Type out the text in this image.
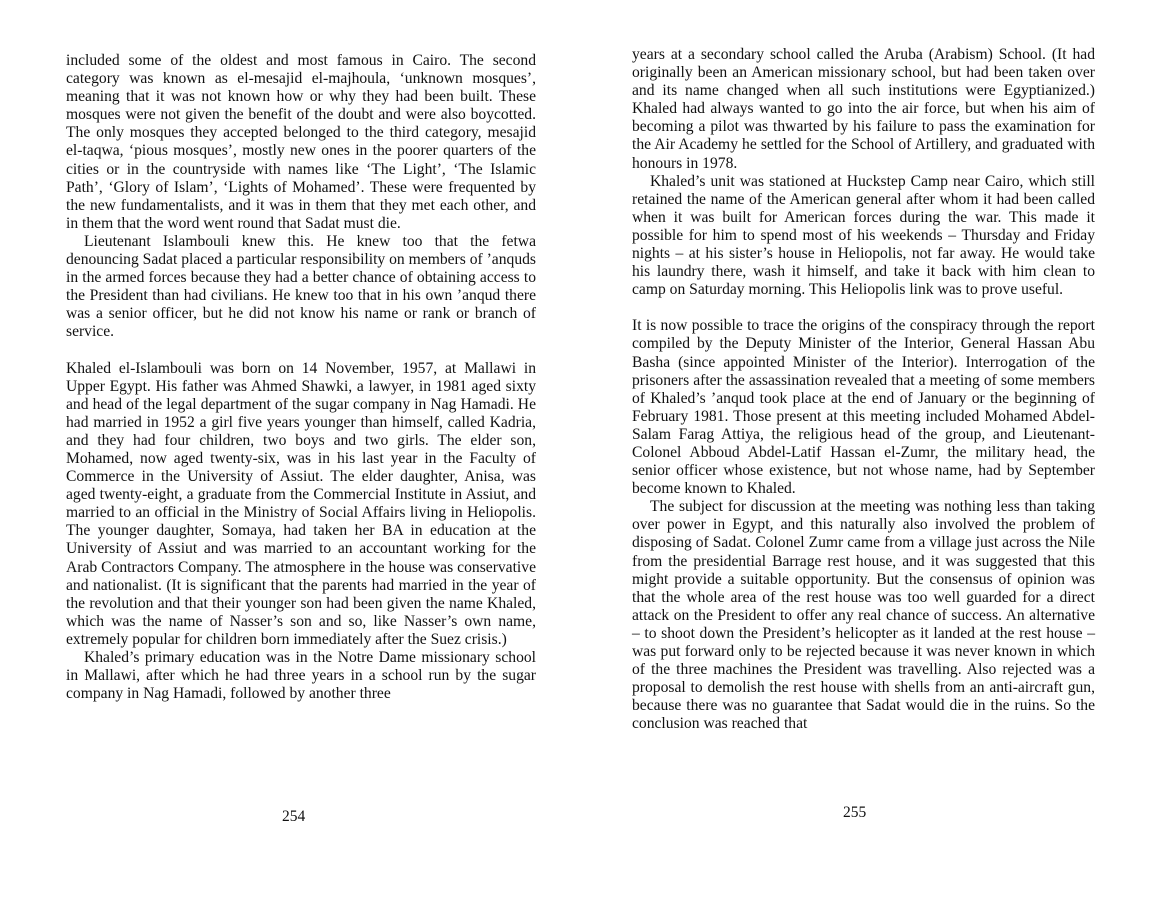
included some of the oldest and most famous in Cairo. The second category was known as el-mesajid el-majhoula, ‘unknown mosques’, meaning that it was not known how or why they had been built. These mosques were not given the benefit of the doubt and were also boycotted. The only mosques they accepted belonged to the third category, mesajid el-taqwa, ‘pious mosques’, mostly new ones in the poorer quarters of the cities or in the countryside with names like ‘The Light’, ‘The Islamic Path’, ‘Glory of Islam’, ‘Lights of Mohamed’. These were frequented by the new fundamentalists, and it was in them that they met each other, and in them that the word went round that Sadat must die.

Lieutenant Islambouli knew this. He knew too that the fetwa denouncing Sadat placed a particular responsibility on members of ’anquds in the armed forces because they had a better chance of obtaining access to the President than had civilians. He knew too that in his own ’anqud there was a senior officer, but he did not know his name or rank or branch of service.

Khaled el-Islambouli was born on 14 November, 1957, at Mallawi in Upper Egypt. His father was Ahmed Shawki, a lawyer, in 1981 aged sixty and head of the legal department of the sugar company in Nag Hamadi. He had married in 1952 a girl five years younger than himself, called Kadria, and they had four children, two boys and two girls. The elder son, Mohamed, now aged twenty-six, was in his last year in the Faculty of Commerce in the University of Assiut. The elder daughter, Anisa, was aged twenty-eight, a graduate from the Commercial Institute in Assiut, and married to an official in the Ministry of Social Affairs living in Heliopolis. The younger daughter, Somaya, had taken her BA in education at the University of Assiut and was married to an accountant working for the Arab Contractors Company. The atmosphere in the house was conservative and nationalist. (It is significant that the parents had married in the year of the revolution and that their younger son had been given the name Khaled, which was the name of Nasser’s son and so, like Nasser’s own name, extremely popular for children born immediately after the Suez crisis.)

Khaled’s primary education was in the Notre Dame missionary school in Mallawi, after which he had three years in a school run by the sugar company in Nag Hamadi, followed by another three

254

years at a secondary school called the Aruba (Arabism) School. (It had originally been an American missionary school, but had been taken over and its name changed when all such institutions were Egyptianized.) Khaled had always wanted to go into the air force, but when his aim of becoming a pilot was thwarted by his failure to pass the examination for the Air Academy he settled for the School of Artillery, and graduated with honours in 1978.

Khaled’s unit was stationed at Huckstep Camp near Cairo, which still retained the name of the American general after whom it had been called when it was built for American forces during the war. This made it possible for him to spend most of his weekends – Thursday and Friday nights – at his sister’s house in Heliopolis, not far away. He would take his laundry there, wash it himself, and take it back with him clean to camp on Saturday morning. This Heliopolis link was to prove useful.

It is now possible to trace the origins of the conspiracy through the report compiled by the Deputy Minister of the Interior, General Hassan Abu Basha (since appointed Minister of the Interior). Interrogation of the prisoners after the assassination revealed that a meeting of some members of Khaled’s ’anqud took place at the end of January or the beginning of February 1981. Those present at this meeting included Mohamed Abdel-Salam Farag Attiya, the religious head of the group, and Lieutenant-Colonel Abboud Abdel-Latif Hassan el-Zumr, the military head, the senior officer whose existence, but not whose name, had by September become known to Khaled.

The subject for discussion at the meeting was nothing less than taking over power in Egypt, and this naturally also involved the problem of disposing of Sadat. Colonel Zumr came from a village just across the Nile from the presidential Barrage rest house, and it was suggested that this might provide a suitable opportunity. But the consensus of opinion was that the whole area of the rest house was too well guarded for a direct attack on the President to offer any real chance of success. An alternative – to shoot down the President’s helicopter as it landed at the rest house – was put forward only to be rejected because it was never known in which of the three machines the President was travelling. Also rejected was a proposal to demolish the rest house with shells from an anti-aircraft gun, because there was no guarantee that Sadat would die in the ruins. So the conclusion was reached that

255
